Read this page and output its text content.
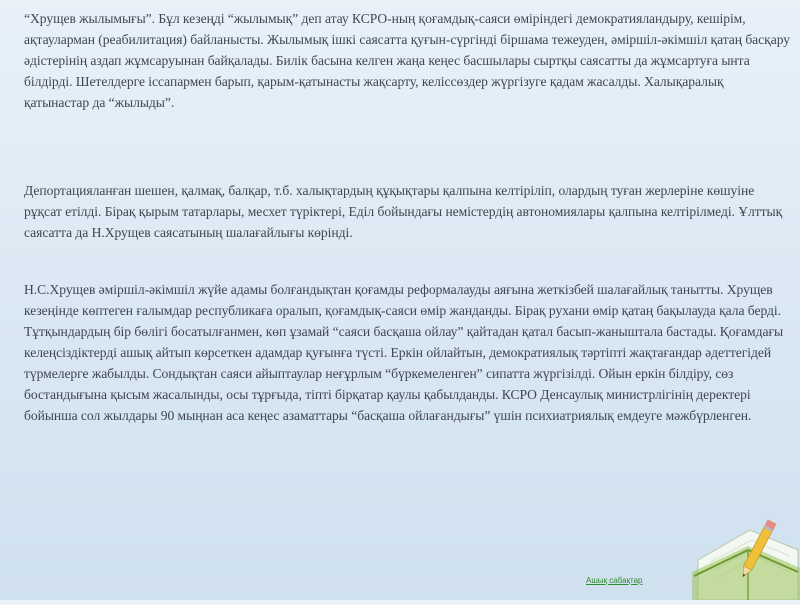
“Хрущев жылымығы”. Бұл кезеңді “жылымық” деп атау КСРО-ның қоғамдық-саяси өміріндегі демократияландыру, кешірім, ақтауларман (реабилитация) байланысты. Жылымық ішкі саясатта қуғын-сүргінді біршама тежеуден, әміршіл-әкімшіл қатаң басқару әдістерінің аздап жұмсаруынан байқалады. Билік басына келген жаңа кеңес басшылары сыртқы саясатты да жұмсартуға ынта білдірді. Шетелдерге іссапармен барып, қарым-қатынасты жақсарту, келіссөздер жүргізуге қадам жасалды. Халықаралық қатынастар да “жылыды”.

Депортацияланған шешен, қалмақ, балқар, т.б. халықтардың құқықтары қалпына келтіріліп, олардың туған жерлеріне көшуіне рұқсат етілді. Бірақ қырым татарлары, месхет түріктері, Еділ бойындағы немістердің автономиялары қалпына келтірілмеді. Ұлттық саясатта да Н.Хрущев саясатының шалағайлығы көрінді.

Н.С.Хрущев әміршіл-әкімшіл жүйе адамы болғандықтан қоғамды реформалауды аяғына жеткізбей шалағайлық танытты. Хрущев кезеңінде көптеген ғалымдар республикаға оралып, қоғамдық-саяси өмір жанданды. Бірақ рухани өмір қатаң бақылауда қала берді. Тұтқындардың бір бөлігі босатылғанмен, көп ұзамай “саяси басқаша ойлау” қайтадан қатал басып-жаныштала бастады. Қоғамдағы келеңсіздіктерді ашық айтып көрсеткен адамдар қуғынға түсті. Еркін ойлайтын, демократиялық тәртіпті жақтағандар әдеттегідей түрмелерге жабылды. Сондықтан саяси айыптаулар неғұрлым “бүркемеленген” сипатта жүргізілді. Ойын еркін білдіру, сөз бостандығына қысым жасалынды, осы тұрғыда, тіпті бірқатар қаулы қабылданды. КСРО Денсаулық министрлігінің деректері бойынша сол жылдары 90 мыңнан аса кеңес азаматтары “басқаша ойлағандығы” үшін психиатриялық емдеуге мәжбүрленген.

Ашық сабақтар
